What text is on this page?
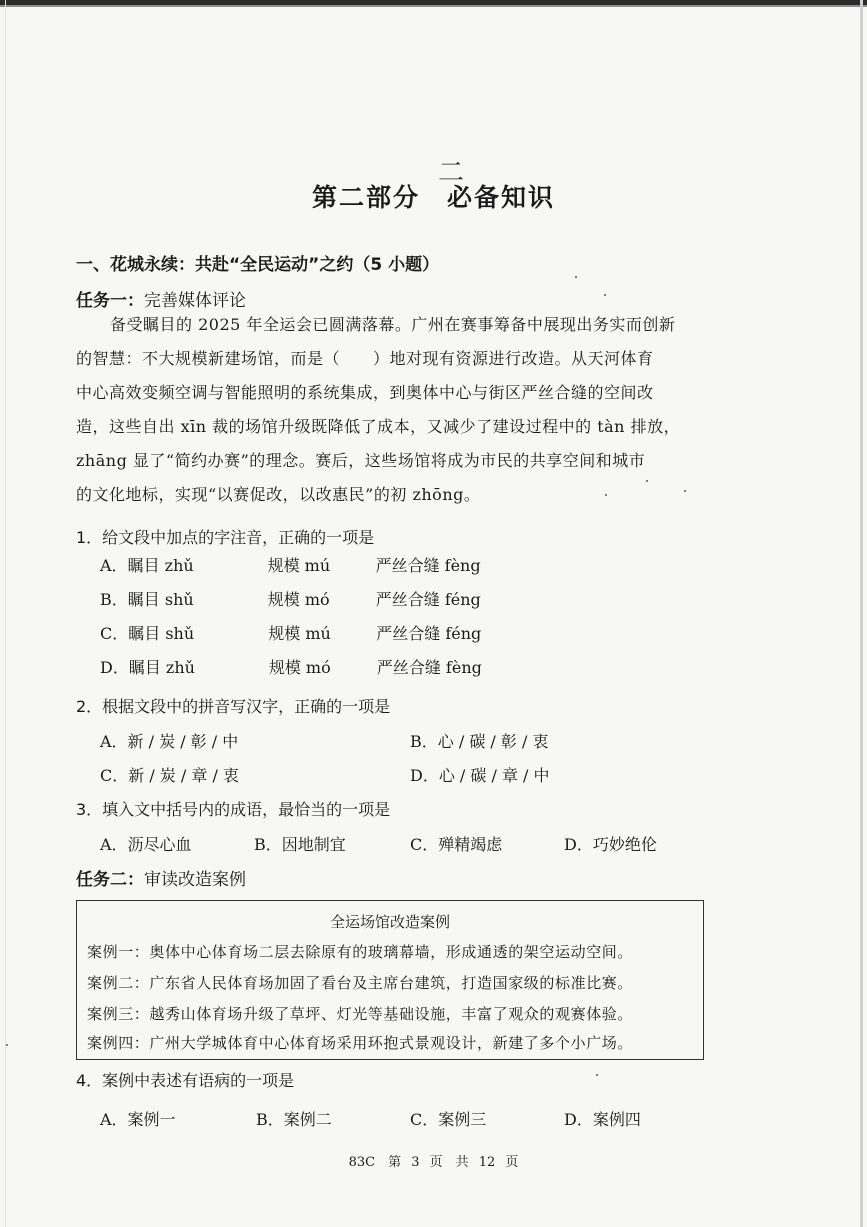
二
第二部分　必备知识
一、花城永续：共赴“全民运动”之约（5 小题）
任务一：完善媒体评论
备受瞩目的 2025 年全运会已圆满落幕。广州在赛事筹备中展现出务实而创新
的智慧：不大规模新建场馆，而是（　　）地对现有资源进行改造。从天河体育
中心高效变频空调与智能照明的系统集成，到奥体中心与街区严丝合缝的空间改
造，这些自出 xīn 裁的场馆升级既降低了成本，又减少了建设过程中的 tàn 排放，
zhāng 显了“简约办赛”的理念。赛后，这些场馆将成为市民的共享空间和城市
的文化地标，实现“以赛促改，以改惠民”的初 zhōng。
1．给文段中加点的字注音，正确的一项是
A．瞩目 zhǔ	规模 mú	严丝合缝 fèng
B．瞩目 shǔ	规模 mó	严丝合缝 féng
C．瞩目 shǔ	规模 mú	严丝合缝 féng
D．瞩目 zhǔ	规模 mó	严丝合缝 fèng
2．根据文段中的拼音写汉字，正确的一项是
A．新 / 炭 / 彰 / 中	B．心 / 碳 / 彰 / 衷
C．新 / 炭 / 章 / 衷	D．心 / 碳 / 章 / 中
3．填入文中括号内的成语，最恰当的一项是
A．沥尽心血	B．因地制宜	C．殚精竭虑	D．巧妙绝伦
任务二：审读改造案例
全运场馆改造案例
案例一：奥体中心体育场二层去除原有的玻璃幕墙，形成通透的架空运动空间。
案例二：广东省人民体育场加固了看台及主席台建筑，打造国家级的标准比赛。
案例三：越秀山体育场升级了草坪、灯光等基础设施，丰富了观众的观赛体验。
案例四：广州大学城体育中心体育场采用环抱式景观设计，新建了多个小广场。
4．案例中表述有语病的一项是
A．案例一	B．案例二	C．案例三	D．案例四
83C　第 3 页　共 12 页
